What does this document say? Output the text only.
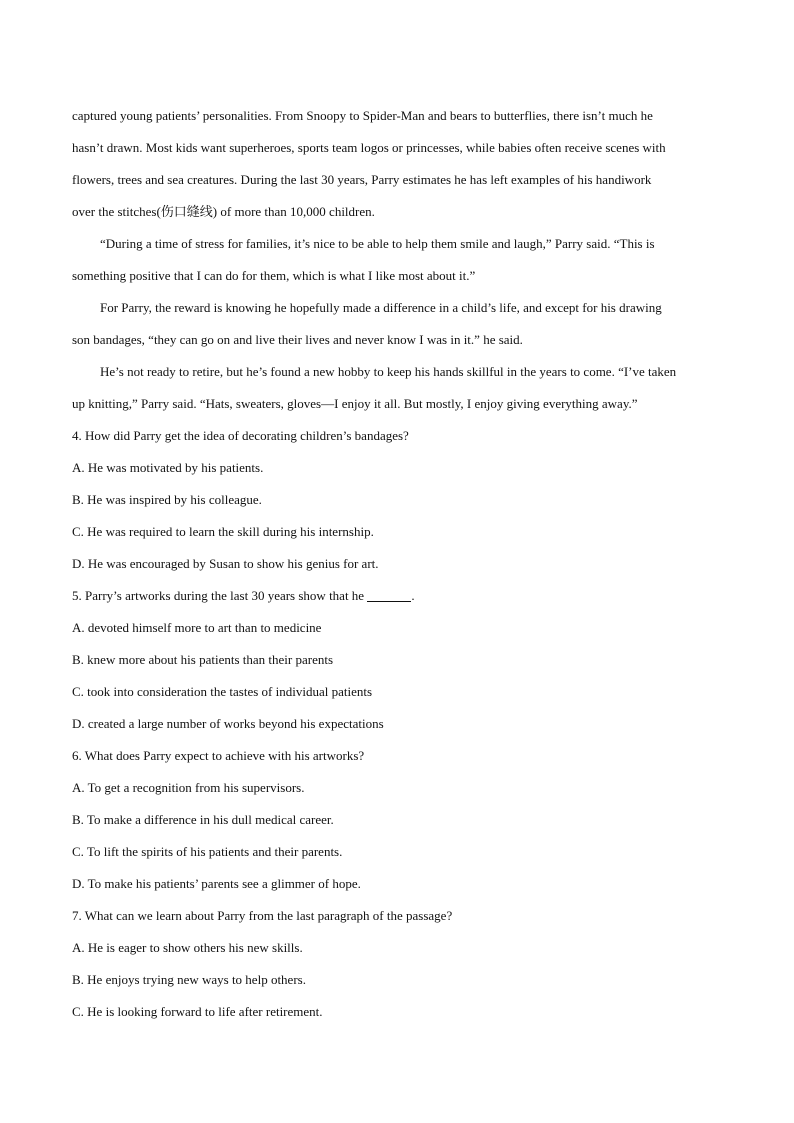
captured young patients’ personalities. From Snoopy to Spider-Man and bears to butterflies, there isn’t much he
hasn’t drawn. Most kids want superheroes, sports team logos or princesses, while babies often receive scenes with
flowers, trees and sea creatures. During the last 30 years, Parry estimates he has left examples of his handiwork
over the stitches(伤口缝线) of more than 10,000 children.
“During a time of stress for families, it’s nice to be able to help them smile and laugh,” Parry said. “This is
something positive that I can do for them, which is what I like most about it.”
For Parry, the reward is knowing he hopefully made a difference in a child’s life, and except for his drawing
son bandages, “they can go on and live their lives and never know I was in it.” he said.
He’s not ready to retire, but he’s found a new hobby to keep his hands skillful in the years to come. “I’ve taken
up knitting,” Parry said. “Hats, sweaters, gloves—I enjoy it all. But mostly, I enjoy giving everything away.”
4. How did Parry get the idea of decorating children’s bandages?
A. He was motivated by his patients.
B. He was inspired by his colleague.
C. He was required to learn the skill during his internship.
D. He was encouraged by Susan to show his genius for art.
5. Parry’s artworks during the last 30 years show that he	.
A. devoted himself more to art than to medicine
B. knew more about his patients than their parents
C. took into consideration the tastes of individual patients
D. created a large number of works beyond his expectations
6. What does Parry expect to achieve with his artworks?
A. To get a recognition from his supervisors.
B. To make a difference in his dull medical career.
C. To lift the spirits of his patients and their parents.
D. To make his patients’ parents see a glimmer of hope.
7. What can we learn about Parry from the last paragraph of the passage?
A. He is eager to show others his new skills.
B. He enjoys trying new ways to help others.
C. He is looking forward to life after retirement.
